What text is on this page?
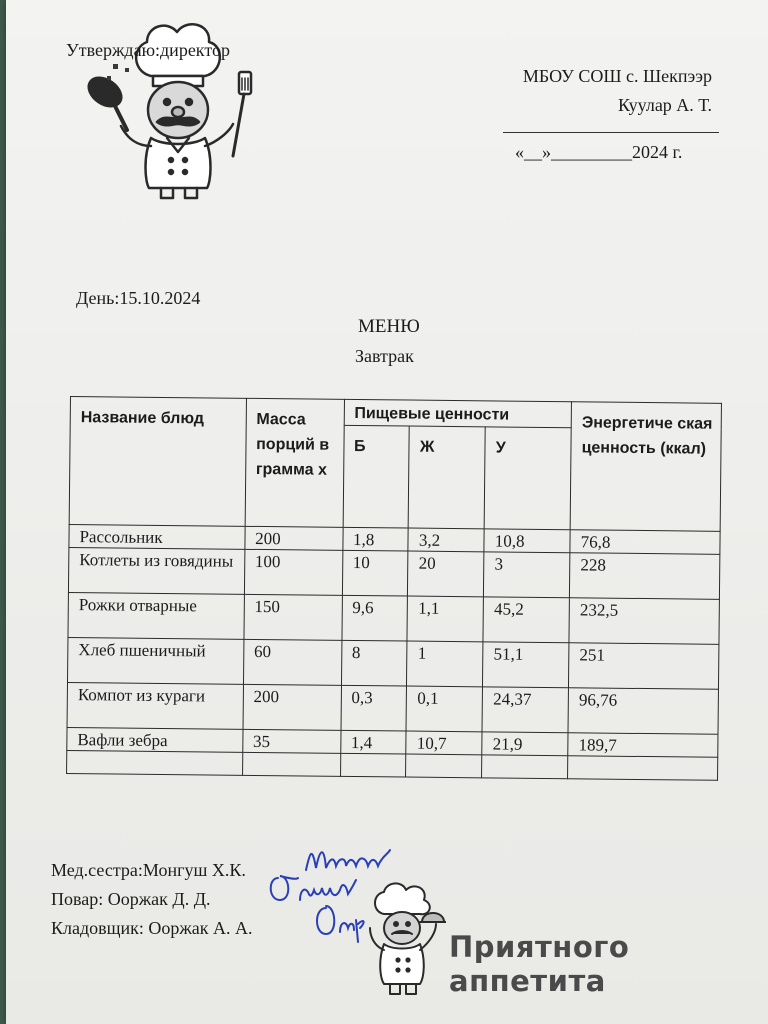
Утверждаю:директор
МБОУ СОШ с. Шекпээр
Куулар А. Т.
«__»_________2024 г.
День:15.10.2024
МЕНЮ
Завтрак
Название блюд	Масса порций в грамма х	Пищевые ценности			Энергетиче ская ценность (ккал)
		Б	Ж	У	
Рассольник	200	1,8	3,2	10,8	76,8
Котлеты из говядины	100	10	20	3	228
Рожки отварные	150	9,6	1,1	45,2	232,5
Хлеб пшеничный	60	8	1	51,1	251
Компот из кураги	200	0,3	0,1	24,37	96,76
Вафли зебра	35	1,4	10,7	21,9	189,7

Мед.сестра:Монгуш Х.К.
Повар: Ооржак Д. Д.
Кладовщик: Ооржак А. А.
Приятного аппетита
